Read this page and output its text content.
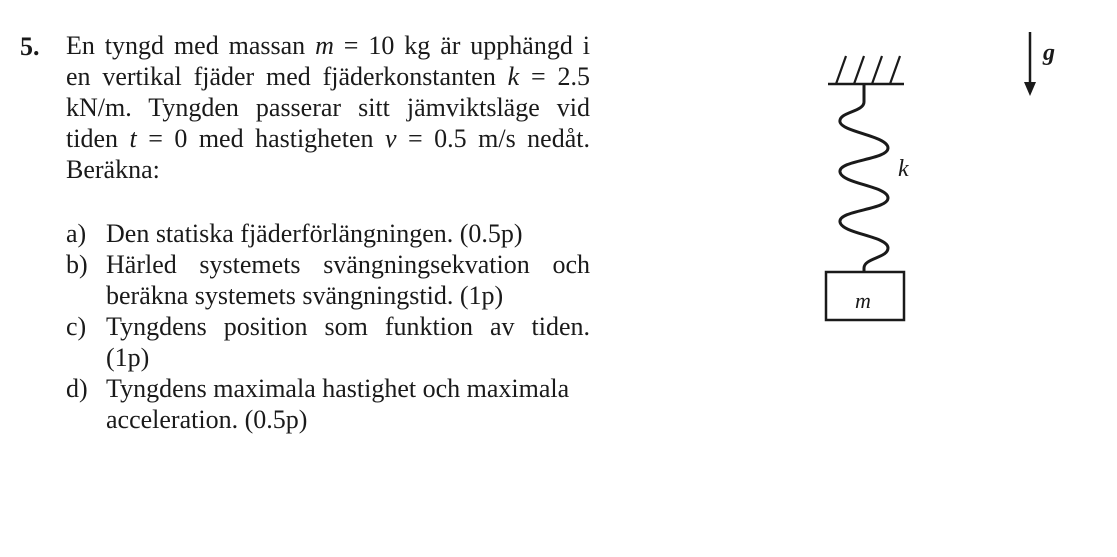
5. En tyngd med massan m = 10 kg är upphängd i
en vertikal fjäder med fjäderkonstanten k = 2.5
kN/m. Tyngden passerar sitt jämviktsläge vid
tiden t = 0 med hastigheten v = 0.5 m/s nedåt.
Beräkna:
a) Den statiska fjäderförlängningen. (0.5p)
b) Härled systemets svängningsekvation och
beräkna systemets svängningstid. (1p)
c) Tyngdens position som funktion av tiden.
(1p)
d) Tyngdens maximala hastighet och maximala
acceleration. (0.5p)
k
m
g
